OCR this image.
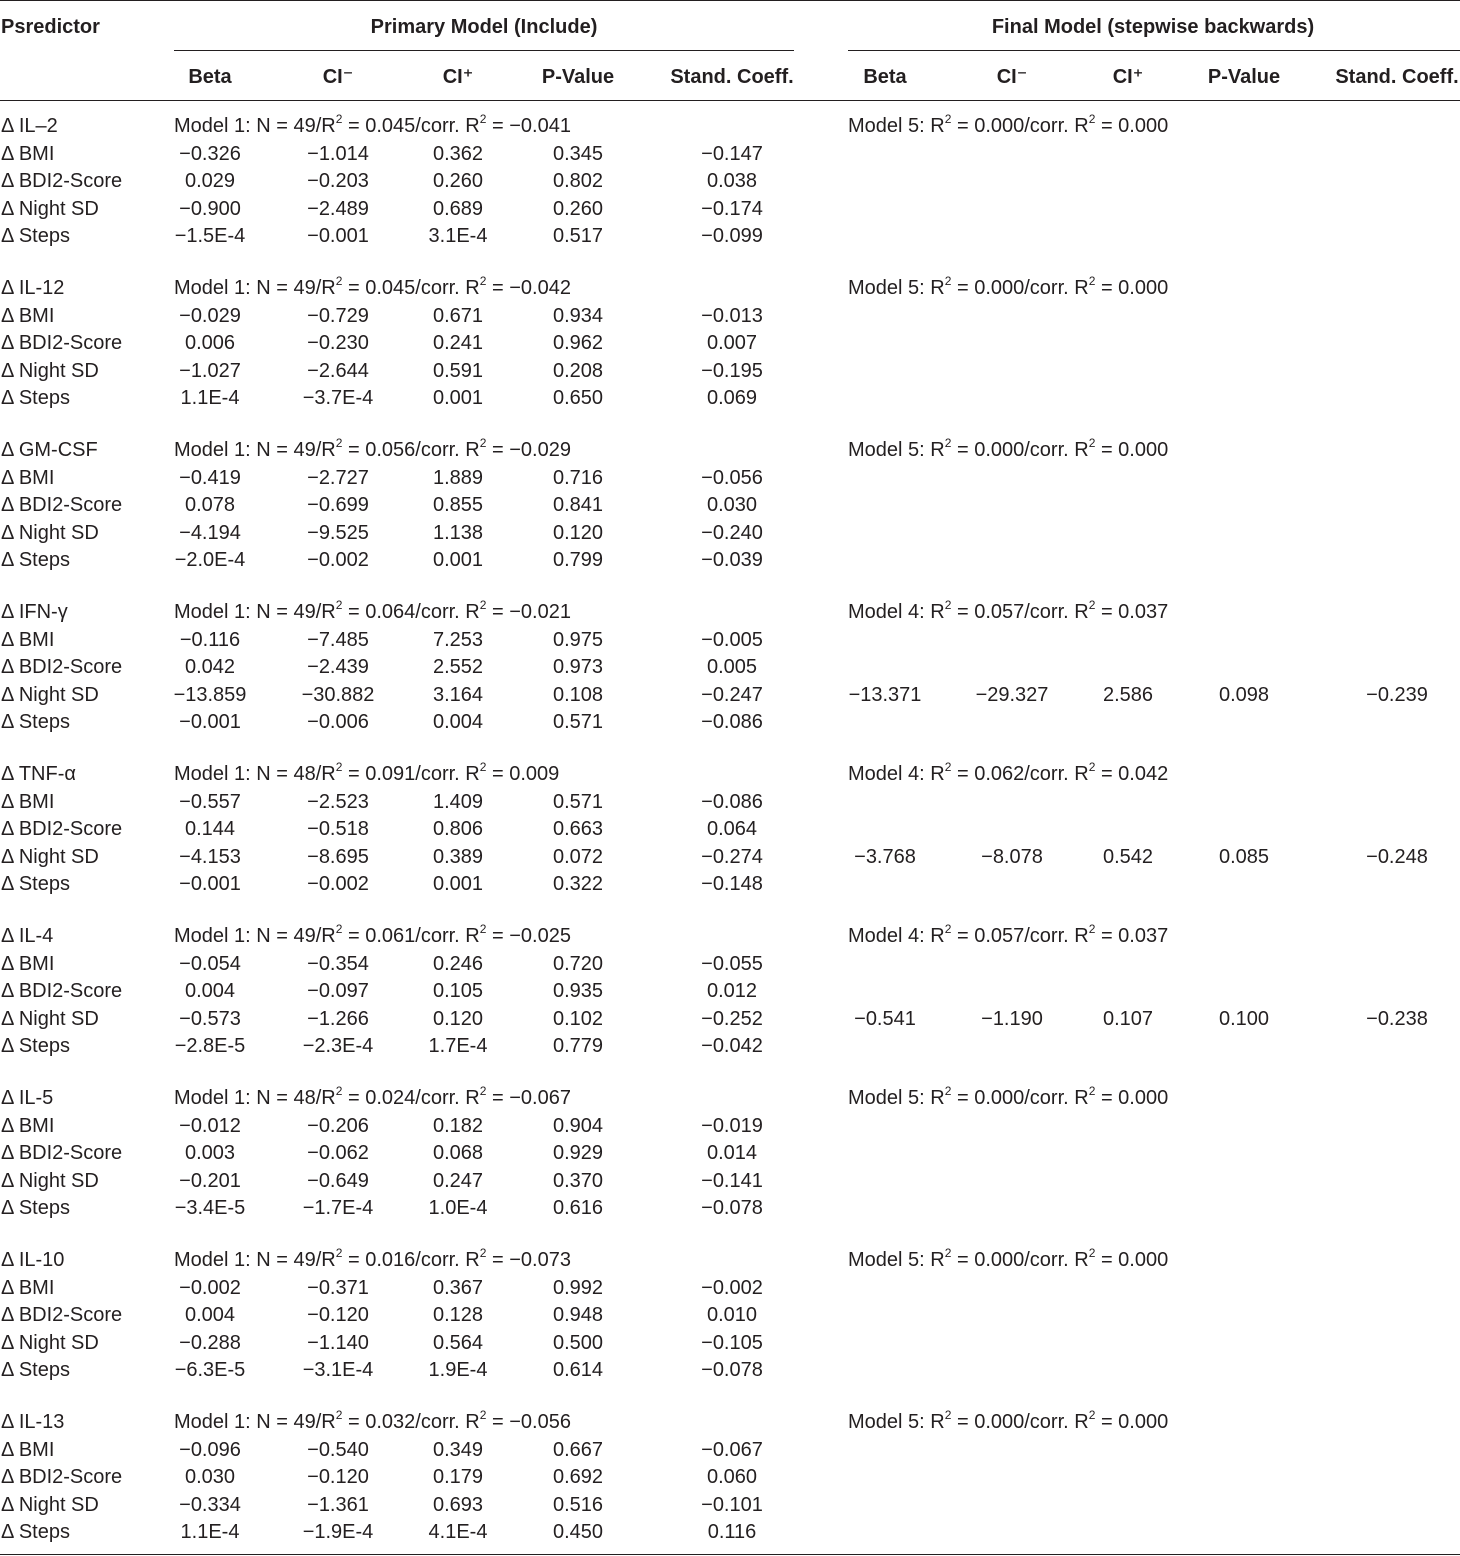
Psredictor	Primary Model (Include)	Final Model (stepwise backwards)
Beta	CI⁻	CI⁺	P-Value	Stand. Coeff.	Beta	CI⁻	CI⁺	P-Value	Stand. Coeff.
Δ IL–2	Model 1: $N = 49/R^2$ = 0.045/corr. $R^2 = -0.041$	Model 5: $R^2$ = 0.000/corr. $R^2 = 0.000$
Δ BMI	−0.326	−1.014	0.362	0.345	−0.147
Δ BDI2-Score	0.029	−0.203	0.260	0.802	0.038
Δ Night SD	−0.900	−2.489	0.689	0.260	−0.174
Δ Steps	−1.5E-4	−0.001	3.1E-4	0.517	−0.099
Δ IL-12	Model 1: $N = 49/R^2$ = 0.045/corr. $R^2 = -0.042$	Model 5: $R^2$ = 0.000/corr. $R^2 = 0.000$
Δ BMI	−0.029	−0.729	0.671	0.934	−0.013
Δ BDI2-Score	0.006	−0.230	0.241	0.962	0.007
Δ Night SD	−1.027	−2.644	0.591	0.208	−0.195
Δ Steps	1.1E-4	−3.7E-4	0.001	0.650	0.069
Δ GM-CSF	Model 1: $N = 49/R^2$ = 0.056/corr. $R^2 = -0.029$	Model 5: $R^2$ = 0.000/corr. $R^2 = 0.000$
Δ BMI	−0.419	−2.727	1.889	0.716	−0.056
Δ BDI2-Score	0.078	−0.699	0.855	0.841	0.030
Δ Night SD	−4.194	−9.525	1.138	0.120	−0.240
Δ Steps	−2.0E-4	−0.002	0.001	0.799	−0.039
Δ IFN-γ	Model 1: $N = 49/R^2$ = 0.064/corr. $R^2 = -0.021$	Model 4: $R^2$ = 0.057/corr. $R^2 = 0.037$
Δ BMI	−0.116	−7.485	7.253	0.975	−0.005
Δ BDI2-Score	0.042	−2.439	2.552	0.973	0.005
Δ Night SD	−13.859	−30.882	3.164	0.108	−0.247	−13.371	−29.327	2.586	0.098	−0.239
Δ Steps	−0.001	−0.006	0.004	0.571	−0.086
Δ TNF-α	Model 1: $N = 48/R^2$ = 0.091/corr. $R^2 = 0.009$	Model 4: $R^2$ = 0.062/corr. $R^2 = 0.042$
Δ BMI	−0.557	−2.523	1.409	0.571	−0.086
Δ BDI2-Score	0.144	−0.518	0.806	0.663	0.064
Δ Night SD	−4.153	−8.695	0.389	0.072	−0.274	−3.768	−8.078	0.542	0.085	−0.248
Δ Steps	−0.001	−0.002	0.001	0.322	−0.148
Δ IL-4	Model 1: $N = 49/R^2$ = 0.061/corr. $R^2 = -0.025$	Model 4: $R^2$ = 0.057/corr. $R^2 = 0.037$
Δ BMI	−0.054	−0.354	0.246	0.720	−0.055
Δ BDI2-Score	0.004	−0.097	0.105	0.935	0.012
Δ Night SD	−0.573	−1.266	0.120	0.102	−0.252	−0.541	−1.190	0.107	0.100	−0.238
Δ Steps	−2.8E-5	−2.3E-4	1.7E-4	0.779	−0.042
Δ IL-5	Model 1: $N = 48/R^2$ = 0.024/corr. $R^2 = -0.067$	Model 5: $R^2$ = 0.000/corr. $R^2 = 0.000$
Δ BMI	−0.012	−0.206	0.182	0.904	−0.019
Δ BDI2-Score	0.003	−0.062	0.068	0.929	0.014
Δ Night SD	−0.201	−0.649	0.247	0.370	−0.141
Δ Steps	−3.4E-5	−1.7E-4	1.0E-4	0.616	−0.078
Δ IL-10	Model 1: $N = 49/R^2$ = 0.016/corr. $R^2 = -0.073$	Model 5: $R^2$ = 0.000/corr. $R^2 = 0.000$
Δ BMI	−0.002	−0.371	0.367	0.992	−0.002
Δ BDI2-Score	0.004	−0.120	0.128	0.948	0.010
Δ Night SD	−0.288	−1.140	0.564	0.500	−0.105
Δ Steps	−6.3E-5	−3.1E-4	1.9E-4	0.614	−0.078
Δ IL-13	Model 1: $N = 49/R^2$ = 0.032/corr. $R^2 = -0.056$	Model 5: $R^2$ = 0.000/corr. $R^2 = 0.000$
Δ BMI	−0.096	−0.540	0.349	0.667	−0.067
Δ BDI2-Score	0.030	−0.120	0.179	0.692	0.060
Δ Night SD	−0.334	−1.361	0.693	0.516	−0.101
Δ Steps	1.1E-4	−1.9E-4	4.1E-4	0.450	0.116
